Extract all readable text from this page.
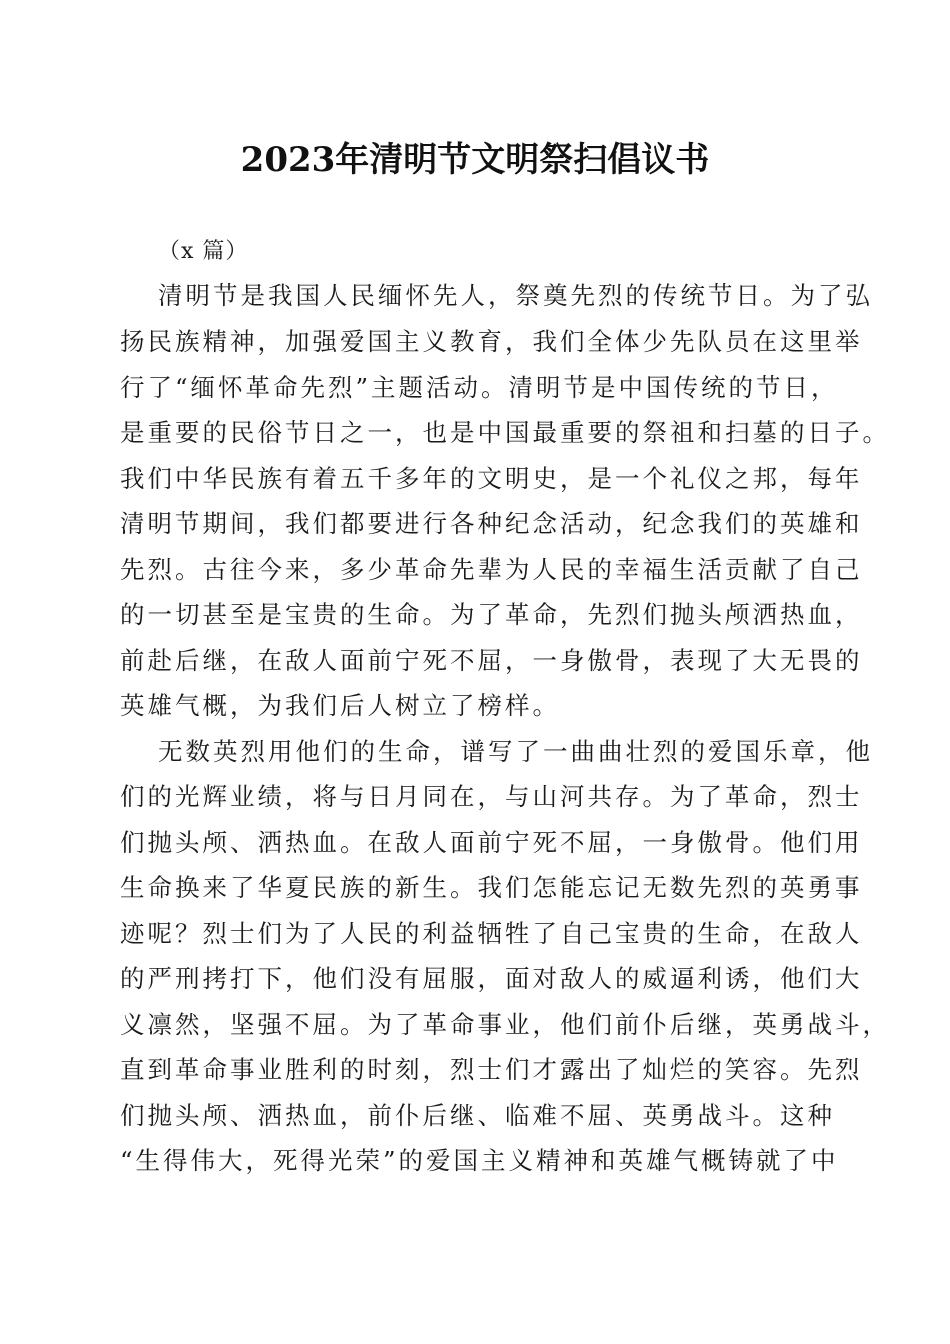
2023年清明节文明祭扫倡议书
（x 篇）
清明节是我国人民缅怀先人，祭奠先烈的传统节日。为了弘
扬民族精神，加强爱国主义教育，我们全体少先队员在这里举
行了“缅怀革命先烈”主题活动。清明节是中国传统的节日，
是重要的民俗节日之一，也是中国最重要的祭祖和扫墓的日子。
我们中华民族有着五千多年的文明史，是一个礼仪之邦，每年
清明节期间，我们都要进行各种纪念活动，纪念我们的英雄和
先烈。古往今来，多少革命先辈为人民的幸福生活贡献了自己
的一切甚至是宝贵的生命。为了革命，先烈们抛头颅洒热血，
前赴后继，在敌人面前宁死不屈，一身傲骨，表现了大无畏的
英雄气概，为我们后人树立了榜样。
无数英烈用他们的生命，谱写了一曲曲壮烈的爱国乐章，他
们的光辉业绩，将与日月同在，与山河共存。为了革命，烈士
们抛头颅、洒热血。在敌人面前宁死不屈，一身傲骨。他们用
生命换来了华夏民族的新生。我们怎能忘记无数先烈的英勇事
迹呢？烈士们为了人民的利益牺牲了自己宝贵的生命，在敌人
的严刑拷打下，他们没有屈服，面对敌人的威逼利诱，他们大
义凛然，坚强不屈。为了革命事业，他们前仆后继，英勇战斗，
直到革命事业胜利的时刻，烈士们才露出了灿烂的笑容。先烈
们抛头颅、洒热血，前仆后继、临难不屈、英勇战斗。这种
“生得伟大，死得光荣”的爱国主义精神和英雄气概铸就了中
